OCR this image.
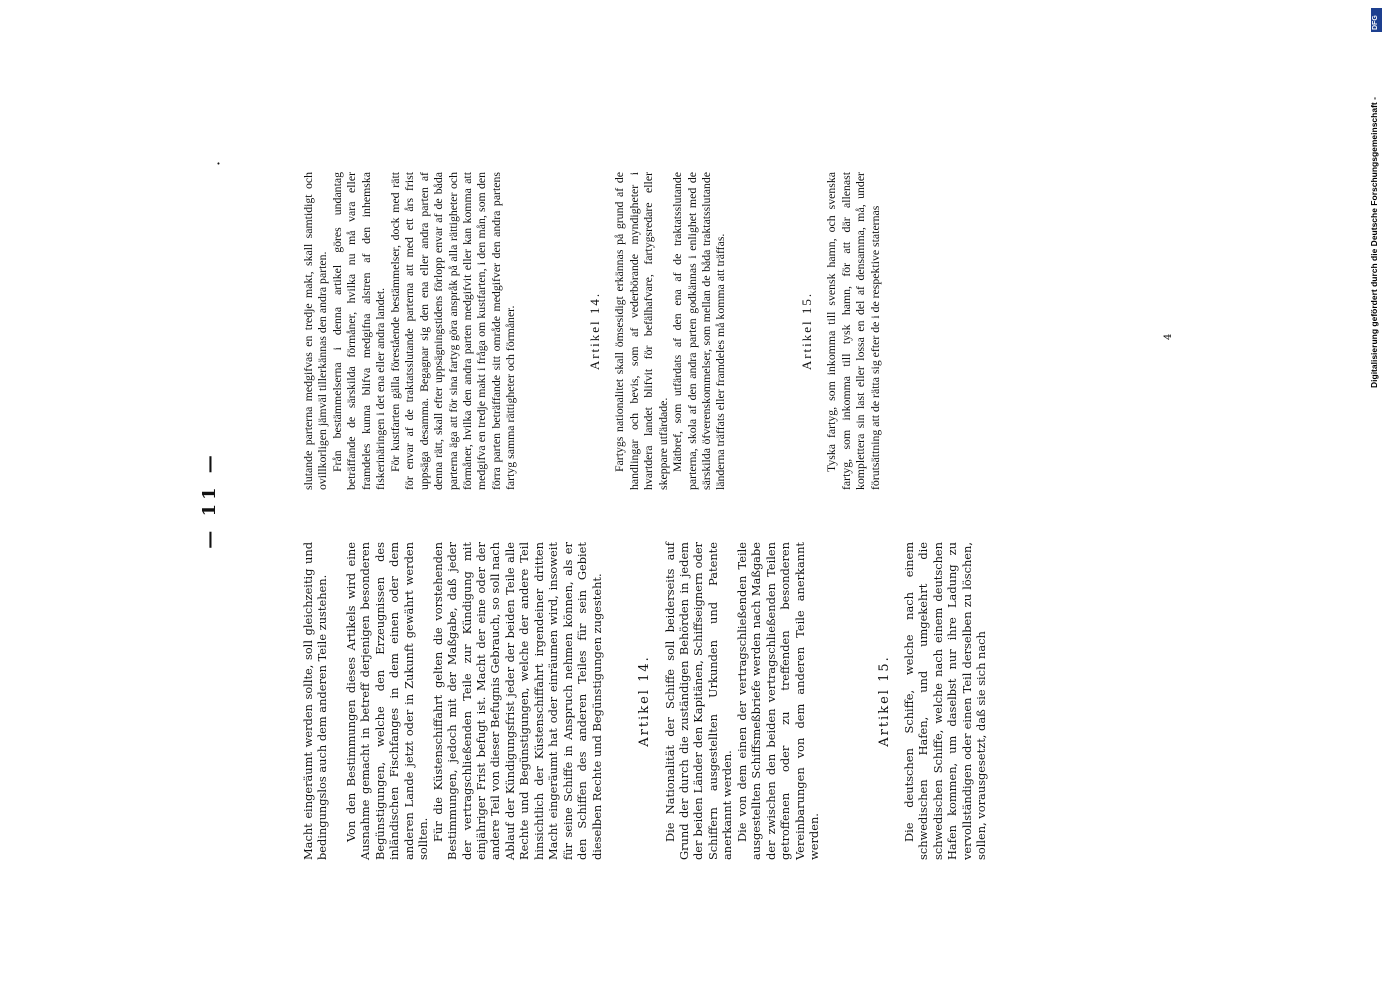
— 11 —
·

Macht eingeräumt werden sollte, soll gleichzeitig und bedingungslos auch dem anderen Teile zustehen. Von den Bestimmungen dieses Artikels wird eine Ausnahme gemacht in betreff derjenigen besonderen Begünstigungen, welche den Erzeugnissen des inländischen Fischfanges in dem einen oder dem anderen Lande jetzt oder in Zukunft gewährt werden sollten. Für die Küstenschiffahrt gelten die vorstehenden Bestimmungen, jedoch mit der Maßgabe, daß jeder der vertragschließenden Teile zur Kündigung mit einjähriger Frist befugt ist. Macht der eine oder der andere Teil von dieser Befugnis Gebrauch, so soll nach Ablauf der Kündigungsfrist jeder der beiden Teile alle Rechte und Begünstigungen, welche der andere Teil hinsichtlich der Küstenschiffahrt irgendeiner dritten Macht eingeräumt hat oder einräumen wird, insoweit für seine Schiffe in Anspruch nehmen können, als er den Schiffen des anderen Teiles für sein Gebiet dieselben Rechte und Begünstigungen zugesteht.	Artikel 14. Die Nationalität der Schiffe soll beiderseits auf Grund der durch die zuständigen Behörden in jedem der beiden Länder den Kapitänen, Schiffseignern oder Schiffern ausgestellten Urkunden und Patente anerkannt werden. Die von dem einen der vertragschließenden Teile ausgestellten Schiffsmeßbriefe werden nach Maßgabe der zwischen den beiden vertragschließenden Teilen getroffenen oder zu treffenden besonderen Vereinbarungen von dem anderen Teile anerkannt werden.

Artikel 15. Die deutschen Schiffe, welche nach einem schwedischen Hafen, und umgekehrt die schwedischen Schiffe, welche nach einem deutschen Hafen kommen, um daselbst nur ihre Ladung zu vervollständigen oder einen Teil derselben zu löschen, sollen, vorausgesetzt, daß sie sich nach

slutande parterna medgifvas en tredje makt, skall samtidigt och ovillkorligen jämväl tillerkännas den andra parten. Från bestämmelserna i denna artikel göres undantag beträffande de särskilda förmåner, hvilka nu må vara eller framdeles kunna blifva medgifna alstren af den inhemska fiskerinäringen i det ena eller andra landet. För kustfarten gälla förestående bestämmelser, dock med rätt för envar af de traktatsslutande parterna att med ett års frist uppsäga desamma. Begagnar sig den ena eller andra parten af denna rätt, skall efter uppsägningstidens förlopp envar af de båda parterna äga att för sina fartyg göra anspråk på alla rättigheter och förmåner, hvilka den andra parten medgifvit eller kan komma att medgifva en tredje makt i fråga om kustfarten, i den mån, som den förra parten beträffande sitt område medgifver den andra partens fartyg samma rättigheter och förmåner.	Artikel 14. Fartygs nationalitet skall ömsesidigt erkännas på grund af de handlingar och bevis, som af vederbörande myndigheter i hvartdera landet blifvit för befälhafvare, fartygsredare eller skeppare utfärdade. Mätbref, som utfärdats af den ena af de traktatsslutande parterna, skola af den andra parten godkännas i enlighet med de särskilda öfverenskommelser, som mellan de båda traktatsslutande länderna träffats eller framdeles må komma att träffas.	Artikel 15. Tyska fartyg, som inkomma till svensk hamn, och svenska fartyg, som inkomma till tysk hamn, för att där allenast komplettera sin last eller lossa en del af densamma, må, under förutsättning att de rätta sig efter de i de respektive staternas	4	Digitalisierung gefördert durch die Deutsche Forschungsgemeinschaft -
DFG
